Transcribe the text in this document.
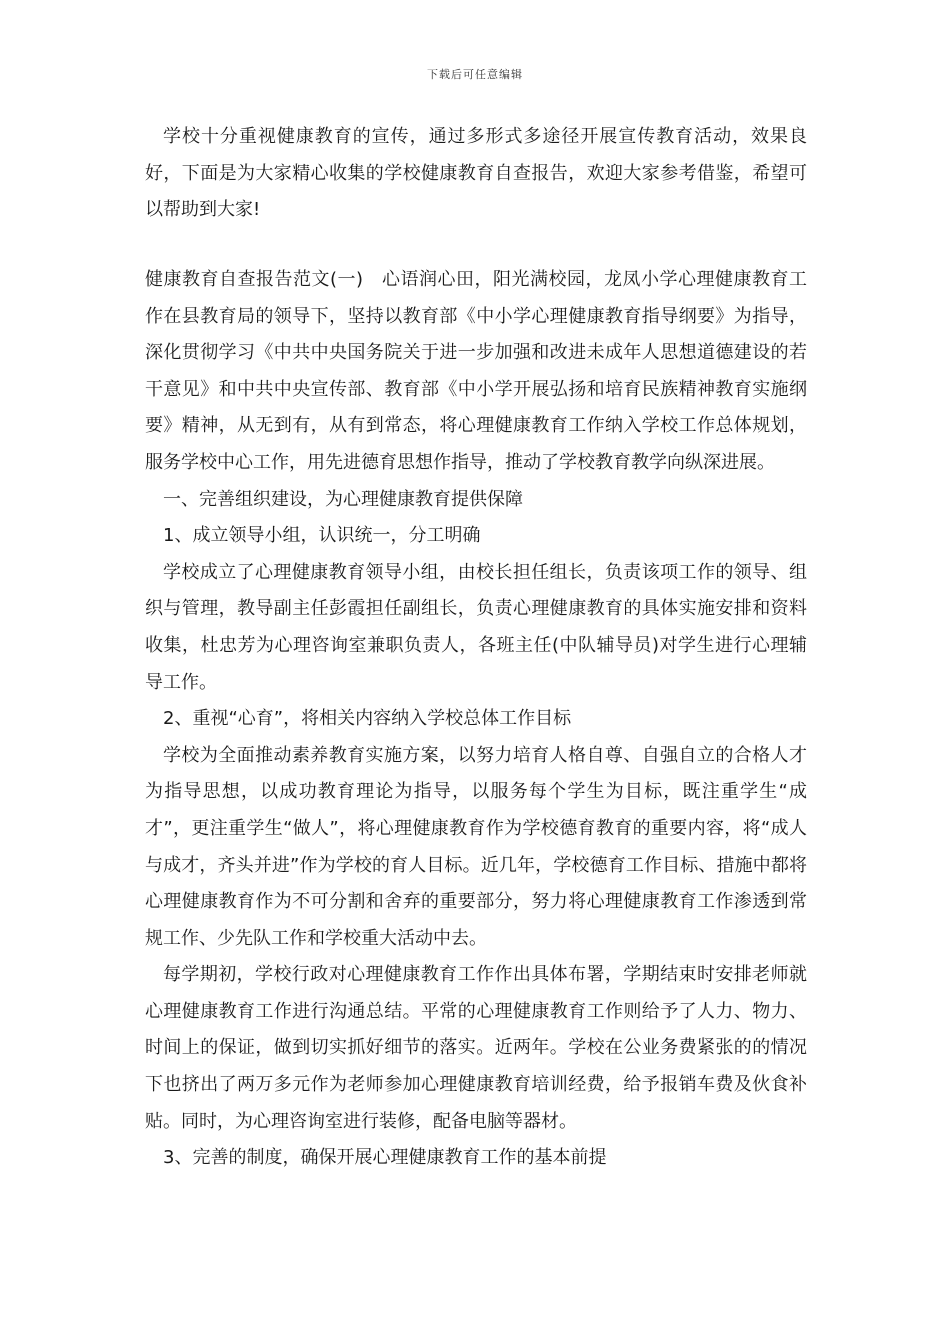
下载后可任意编辑

学校十分重视健康教育的宣传，通过多形式多途径开展宣传教育活动，效果良好，下面是为大家精心收集的学校健康教育自查报告，欢迎大家参考借鉴，希望可以帮助到大家!

健康教育自查报告范文(一)　心语润心田，阳光满校园，龙凤小学心理健康教育工作在县教育局的领导下，坚持以教育部《中小学心理健康教育指导纲要》为指导，深化贯彻学习《中共中央国务院关于进一步加强和改进未成年人思想道德建设的若干意见》和中共中央宣传部、教育部《中小学开展弘扬和培育民族精神教育实施纲要》精神，从无到有，从有到常态，将心理健康教育工作纳入学校工作总体规划，服务学校中心工作，用先进德育思想作指导，推动了学校教育教学向纵深进展。

一、完善组织建设，为心理健康教育提供保障

1、成立领导小组，认识统一，分工明确

学校成立了心理健康教育领导小组，由校长担任组长，负责该项工作的领导、组织与管理，教导副主任彭霞担任副组长，负责心理健康教育的具体实施安排和资料收集，杜忠芳为心理咨询室兼职负责人，各班主任(中队辅导员)对学生进行心理辅导工作。

2、重视“心育”，将相关内容纳入学校总体工作目标

学校为全面推动素养教育实施方案，以努力培育人格自尊、自强自立的合格人才为指导思想，以成功教育理论为指导，以服务每个学生为目标，既注重学生“成才”，更注重学生“做人”，将心理健康教育作为学校德育教育的重要内容，将“成人与成才，齐头并进”作为学校的育人目标。近几年，学校德育工作目标、措施中都将心理健康教育作为不可分割和舍弃的重要部分，努力将心理健康教育工作渗透到常规工作、少先队工作和学校重大活动中去。

每学期初，学校行政对心理健康教育工作作出具体布署，学期结束时安排老师就心理健康教育工作进行沟通总结。平常的心理健康教育工作则给予了人力、物力、时间上的保证，做到切实抓好细节的落实。近两年。学校在公业务费紧张的的情况下也挤出了两万多元作为老师参加心理健康教育培训经费，给予报销车费及伙食补贴。同时，为心理咨询室进行装修，配备电脑等器材。

3、完善的制度，确保开展心理健康教育工作的基本前提
